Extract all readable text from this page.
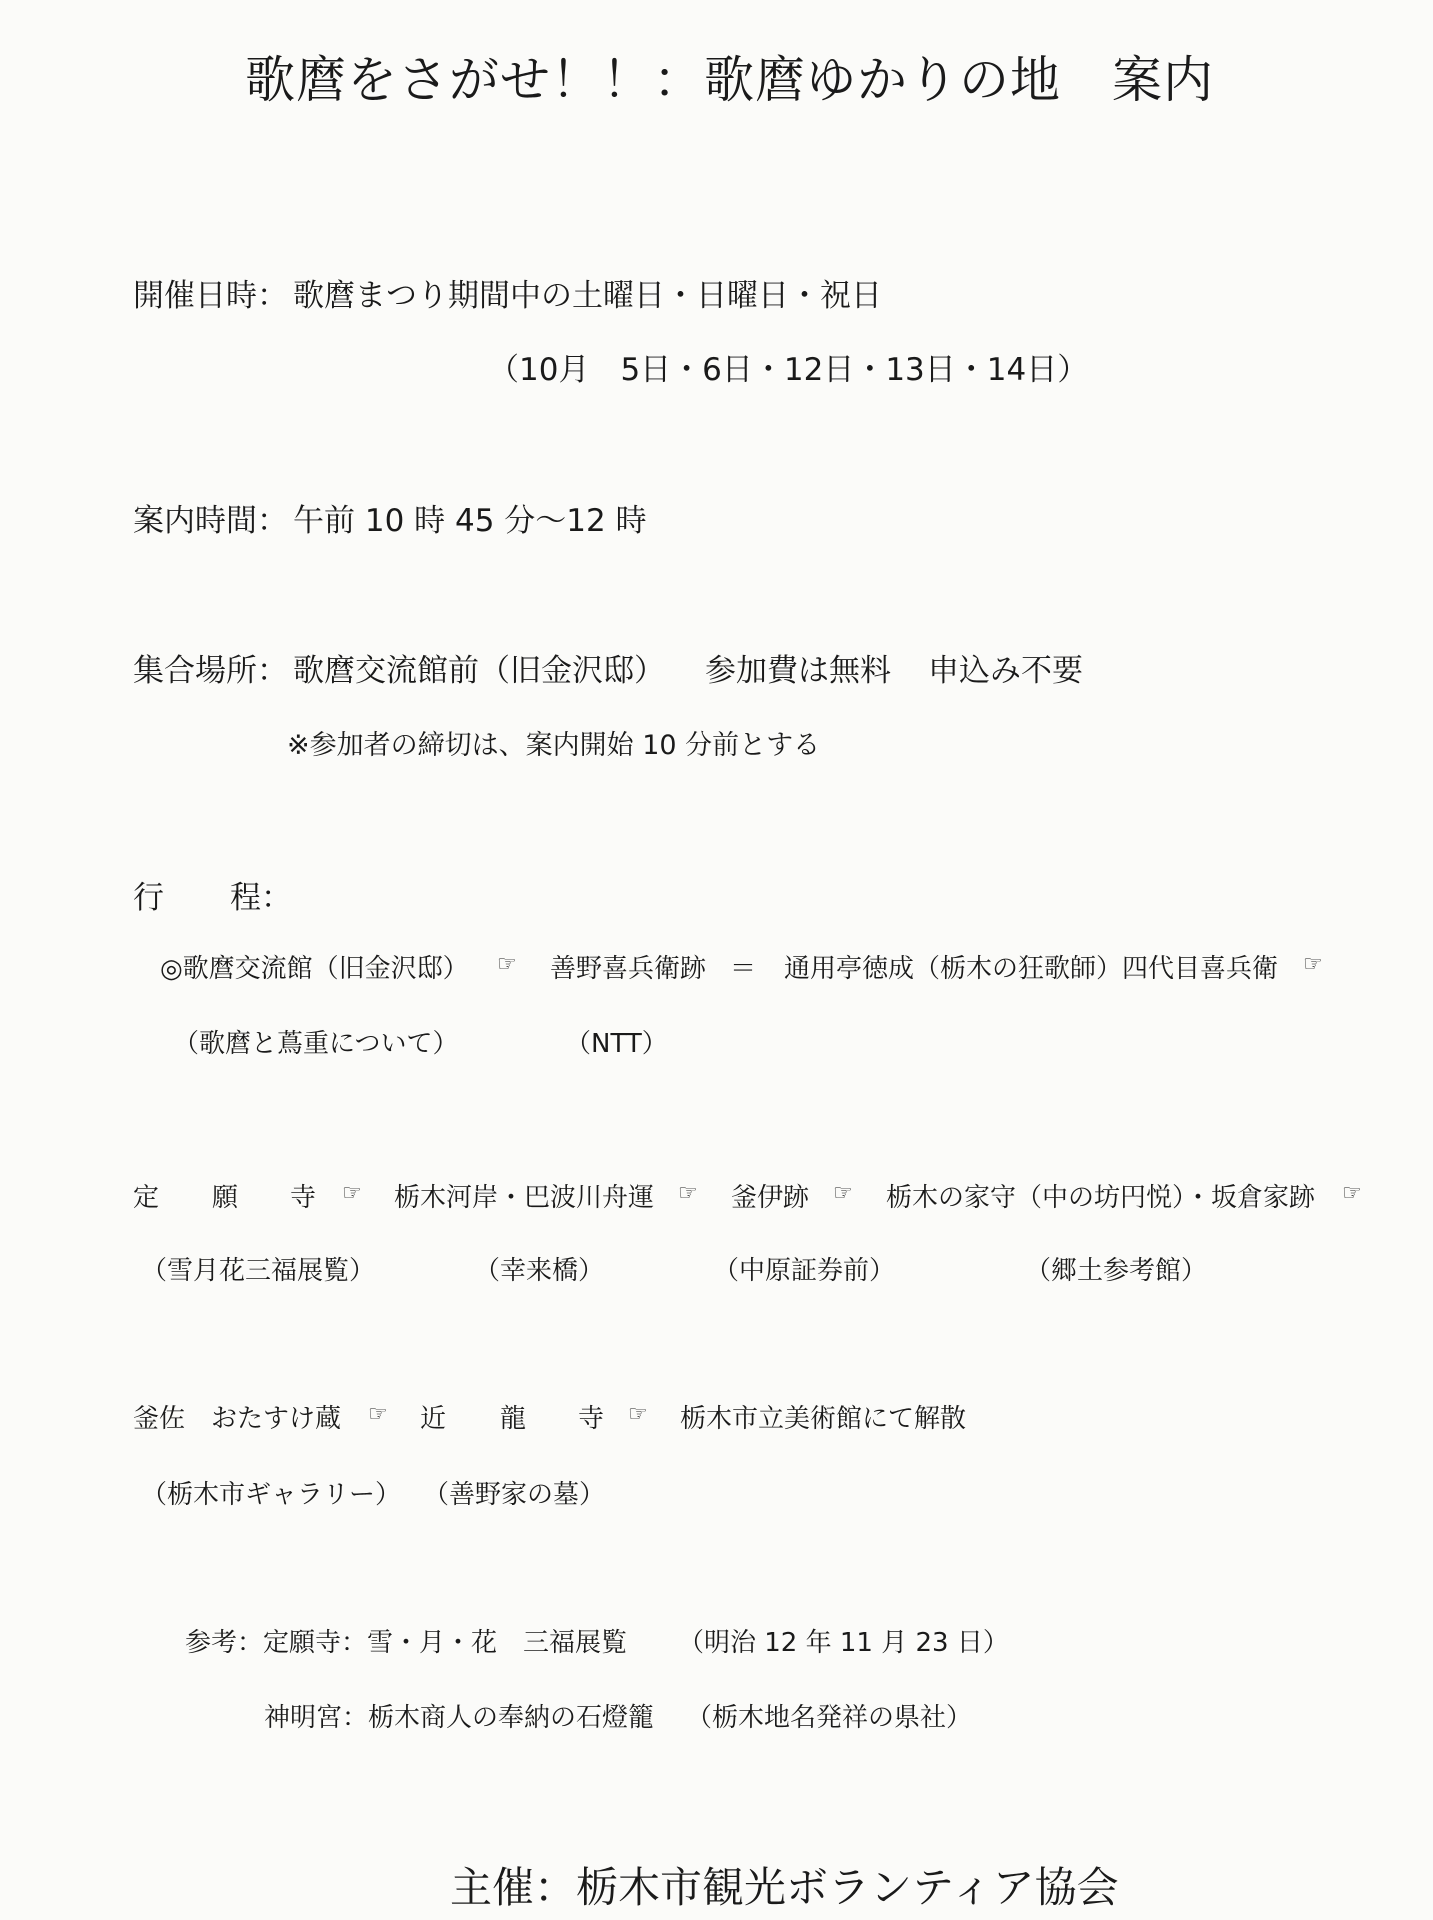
歌麿をさがせ！！：歌麿ゆかりの地　案内
開催日時： 歌麿まつり期間中の土曜日・日曜日・祝日
（10月　5日・6日・12日・13日・14日）
案内時間： 午前 10 時 45 分〜12 時
集合場所： 歌麿交流館前（旧金沢邸） 参加費は無料 申込み不要
※参加者の締切は、案内開始 10 分前とする
行 程：
◎歌麿交流館（旧金沢邸） ☞ 善野喜兵衛跡 ＝ 通用亭徳成（栃木の狂歌師）四代目喜兵衛 ☞
（歌麿と蔦重について）	（NTT）
定 願 寺 ☞ 栃木河岸・巴波川舟運 ☞ 釜伊跡 ☞ 栃木の家守（中の坊円悦）・坂倉家跡 ☞
（雪月花三福展覧）	（幸来橋）	（中原証券前）	（郷土参考館）
釜佐　おたすけ蔵 ☞ 近 龍 寺 ☞ 栃木市立美術館にて解散
（栃木市ギャラリー） （善野家の墓）
参考：定願寺：雪・月・花　三福展覧 （明治 12 年 11 月 23 日）
神明宮：栃木商人の奉納の石燈籠 （栃木地名発祥の県社）
主催：栃木市観光ボランティア協会
